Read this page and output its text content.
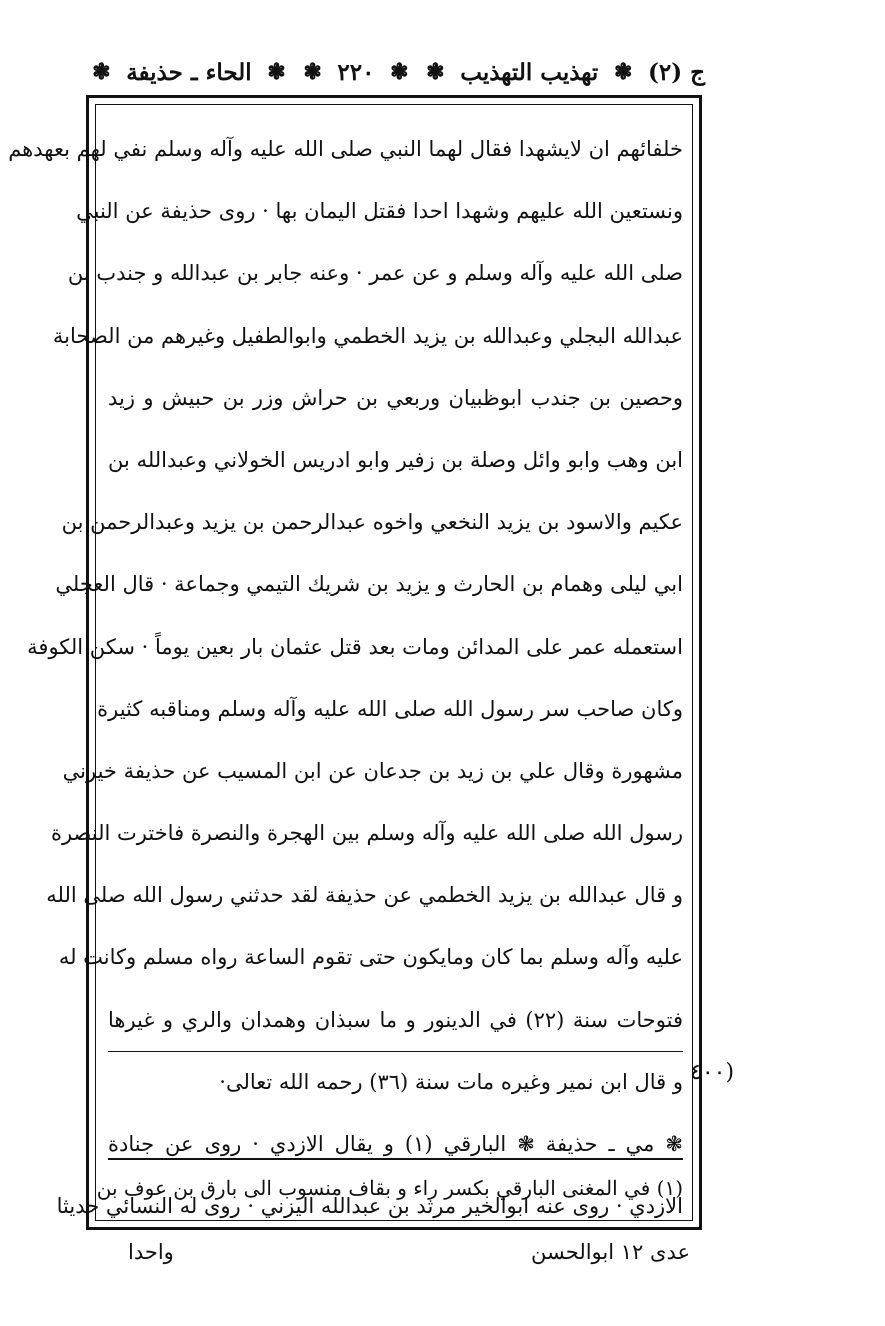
ج (٢)
❃
تهذيب التهذيب
❃
❃
٢٢٠
❃
❃
الحاء ـ حذيفة
❃
خلفائهم ان لايشهدا فقال لهما النبي صلى الله عليه وآله وسلم نفي لهم بعهدهم
ونستعين الله عليهم وشهدا احدا فقتل اليمان بها · روى حذيفة عن النبي
صلى الله عليه وآله وسلم و عن عمر · وعنه جابر بن عبدالله و جندب بن
عبدالله البجلي وعبدالله بن يزيد الخطمي وابوالطفيل وغيرهم من الصحابة
وحصين بن جندب ابوظبيان وربعي بن حراش وزر بن حبيش و زيد
ابن وهب وابو وائل وصلة بن زفير وابو ادريس الخولاني وعبدالله بن
عكيم والاسود بن يزيد النخعي واخوه عبدالرحمن بن يزيد وعبدالرحمن بن
ابي ليلى وهمام بن الحارث و يزيد بن شريك التيمي وجماعة · قال العجلي
استعمله عمر على المدائن ومات بعد قتل عثمان بار بعين يوماً · سكن الكوفة
وكان صاحب سر رسول الله صلى الله عليه وآله وسلم ومناقبه كثيرة
مشهورة وقال علي بن زيد بن جدعان عن ابن المسيب عن حذيفة خيرني
رسول الله صلى الله عليه وآله وسلم بين الهجرة والنصرة فاخترت النصرة
و قال عبدالله بن يزيد الخطمي عن حذيفة لقد حدثني رسول الله صلى الله
عليه وآله وسلم بما كان ومايكون حتى تقوم الساعة رواه مسلم وكانت له
فتوحات سنة (٢٢) في الدينور و ما سبذان وهمدان والري و غيرها
و قال ابن نمير وغيره مات سنة (٣٦) رحمه الله تعالى·
❃ مي ـ حذيفة ❃ البارقي (١) و يقال الازدي · روى عن جنادة
الازدي · روى عنه ابوالخير مرثد بن عبدالله اليزني · روى له النسائي حديثا
(٤٠٠
(١) في المغنى البارقي بكسر راء و بقاف منسوب الى بارق بن عوف بن
عدى ١٢ ابوالحسن
واحدا
